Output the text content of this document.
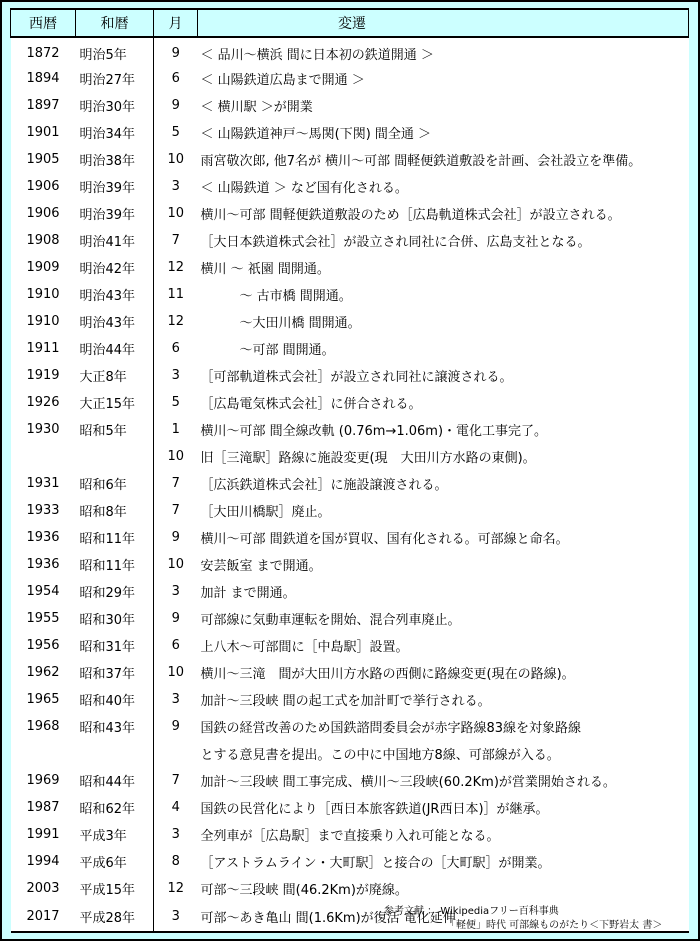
西暦	和暦	月	変遷
1872	明治5年	9	＜ 品川～横浜 間に日本初の鉄道開通 ＞
1894	明治27年	6	＜ 山陽鉄道広島まで開通 ＞
1897	明治30年	9	＜ 横川駅 ＞が開業
1901	明治34年	5	＜ 山陽鉄道神戸～馬関(下関) 間全通 ＞
1905	明治38年	10	雨宮敬次郎, 他7名が 横川～可部 間軽便鉄道敷設を計画、会社設立を準備。
1906	明治39年	3	＜ 山陽鉄道 ＞ など国有化される。
1906	明治39年	10	横川～可部 間軽便鉄道敷設のため［広島軌道株式会社］が設立される。
1908	明治41年	7	［大日本鉄道株式会社］が設立され同社に合併、広島支社となる。
1909	明治42年	12	横川 ～ 祇園 間開通。
1910	明治43年	11	　　　～ 古市橋 間開通。
1910	明治43年	12	　　　～大田川橋 間開通。
1911	明治44年	6	　　　～可部 間開通。
1919	大正8年	3	［可部軌道株式会社］が設立され同社に譲渡される。
1926	大正15年	5	［広島電気株式会社］に併合される。
1930	昭和5年	1	横川～可部 間全線改軌 (0.76m→1.06m)・電化工事完了。
		10	旧［三滝駅］路線に施設変更(現　大田川方水路の東側)。
1931	昭和6年	7	［広浜鉄道株式会社］に施設譲渡される。
1933	昭和8年	7	［大田川橋駅］廃止。
1936	昭和11年	9	横川～可部 間鉄道を国が買収、国有化される。可部線と命名。
1936	昭和11年	10	安芸飯室 まで開通。
1954	昭和29年	3	加計 まで開通。
1955	昭和30年	9	可部線に気動車運転を開始、混合列車廃止。
1956	昭和31年	6	上八木～可部間に［中島駅］設置。
1962	昭和37年	10	横川～三滝　間が大田川方水路の西側に路線変更(現在の路線)。
1965	昭和40年	3	加計～三段峡 間の起工式を加計町で挙行される。
1968	昭和43年	9	国鉄の経営改善のため国鉄諮問委員会が赤字路線83線を対象路線
			とする意見書を提出。この中に中国地方8線、可部線が入る。
1969	昭和44年	7	加計～三段峡 間工事完成、横川～三段峡(60.2Km)が営業開始される。
1987	昭和62年	4	国鉄の民営化により［西日本旅客鉄道(JR西日本)］が継承。
1991	平成3年	3	全列車が［広島駅］まで直接乗り入れ可能となる。
1994	平成6年	8	［アストラムライン・大町駅］と接合の［大町駅］が開業。
2003	平成15年	12	可部～三段峡 間(46.2Km)が廃線。
2017	平成28年	3	可部～あき亀山 間(1.6Km)が復活 電化延伸
参考文献 ： Wikipediaフリー百科事典
「軽便」時代 可部線ものがたり＜下野岩太 書＞
